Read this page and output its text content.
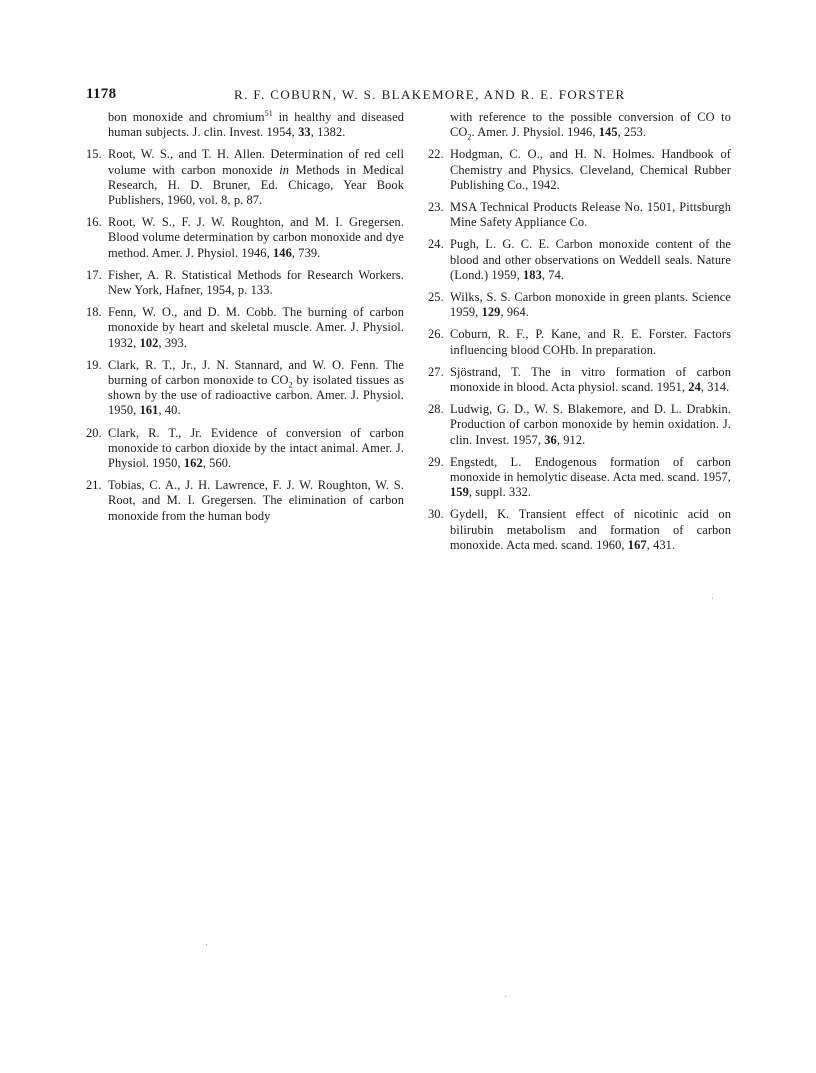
1178	R. F. COBURN, W. S. BLAKEMORE, AND R. E. FORSTER
bon monoxide and chromium$^{51}$ in healthy and diseased human subjects. J. clin. Invest. 1954, 33, 1382.
15. Root, W. S., and T. H. Allen. Determination of red cell volume with carbon monoxide in Methods in Medical Research, H. D. Bruner, Ed. Chicago, Year Book Publishers, 1960, vol. 8, p. 87.
16. Root, W. S., F. J. W. Roughton, and M. I. Gregersen. Blood volume determination by carbon monoxide and dye method. Amer. J. Physiol. 1946, 146, 739.
17. Fisher, A. R. Statistical Methods for Research Workers. New York, Hafner, 1954, p. 133.
18. Fenn, W. O., and D. M. Cobb. The burning of carbon monoxide by heart and skeletal muscle. Amer. J. Physiol. 1932, 102, 393.
19. Clark, R. T., Jr., J. N. Stannard, and W. O. Fenn. The burning of carbon monoxide to $CO_2$ by isolated tissues as shown by the use of radioactive carbon. Amer. J. Physiol. 1950, 161, 40.
20. Clark, R. T., Jr. Evidence of conversion of carbon monoxide to carbon dioxide by the intact animal. Amer. J. Physiol. 1950, 162, 560.
21. Tobias, C. A., J. H. Lawrence, F. J. W. Roughton, W. S. Root, and M. I. Gregersen. The elimination of carbon monoxide from the human body
with reference to the possible conversion of CO to $CO_2$. Amer. J. Physiol. 1946, 145, 253.
22. Hodgman, C. O., and H. N. Holmes. Handbook of Chemistry and Physics. Cleveland, Chemical Rubber Publishing Co., 1942.
23. MSA Technical Products Release No. 1501, Pittsburgh Mine Safety Appliance Co.
24. Pugh, L. G. C. E. Carbon monoxide content of the blood and other observations on Weddell seals. Nature (Lond.) 1959, 183, 74.
25. Wilks, S. S. Carbon monoxide in green plants. Science 1959, 129, 964.
26. Coburn, R. F., P. Kane, and R. E. Forster. Factors influencing blood COHb. In preparation.
27. Sjöstrand, T. The in vitro formation of carbon monoxide in blood. Acta physiol. scand. 1951, 24, 314.
28. Ludwig, G. D., W. S. Blakemore, and D. L. Drabkin. Production of carbon monoxide by hemin oxidation. J. clin. Invest. 1957, 36, 912.
29. Engstedt, L. Endogenous formation of carbon monoxide in hemolytic disease. Acta med. scand. 1957, 159, suppl. 332.
30. Gydell, K. Transient effect of nicotinic acid on bilirubin metabolism and formation of carbon monoxide. Acta med. scand. 1960, 167, 431.
